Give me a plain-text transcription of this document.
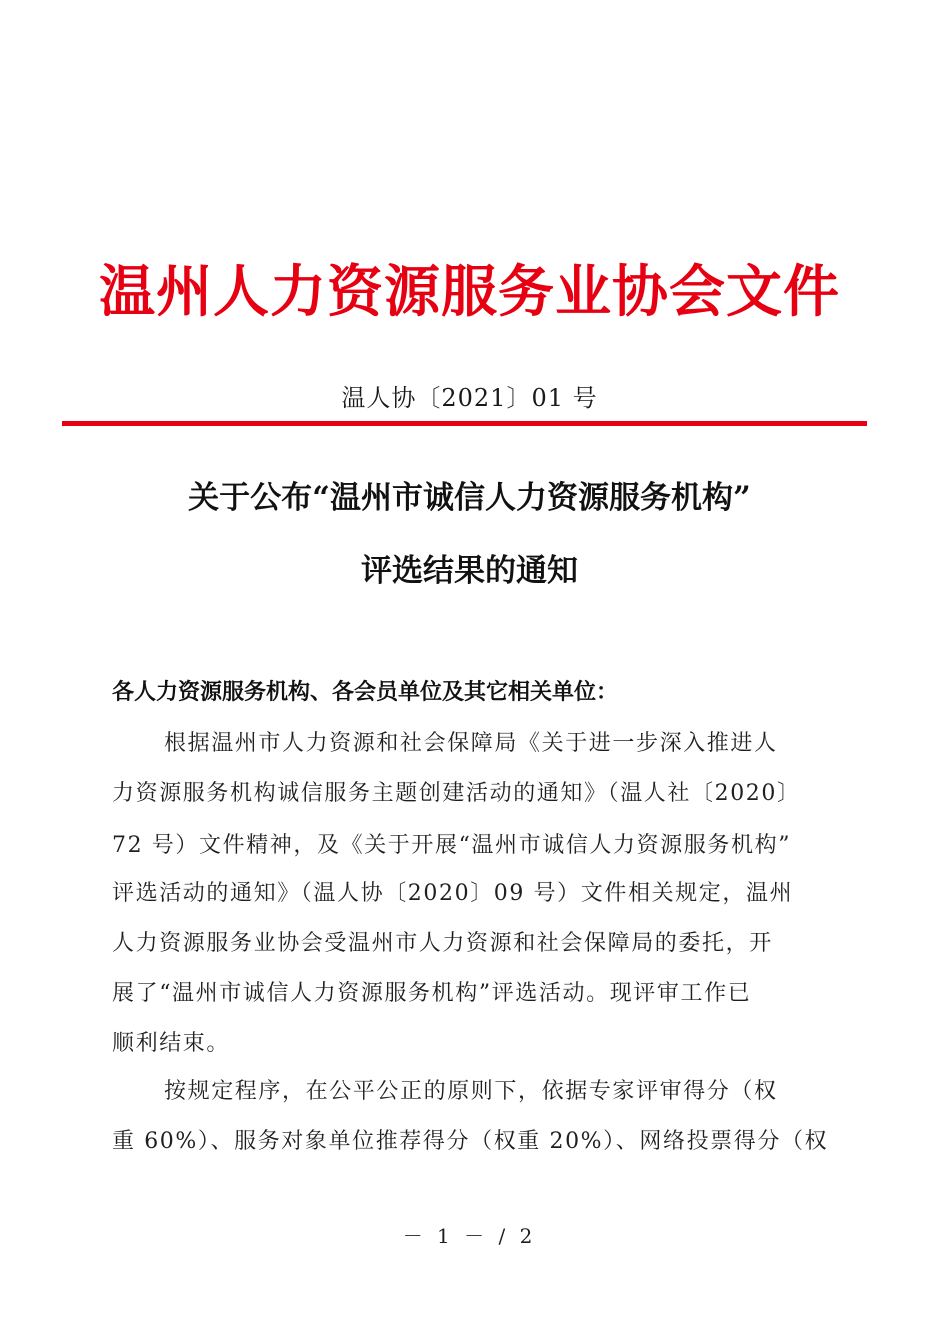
温州人力资源服务业协会文件
温人协〔2021〕01 号
关于公布“温州市诚信人力资源服务机构”
评选结果的通知
各人力资源服务机构、各会员单位及其它相关单位：
根据温州市人力资源和社会保障局《关于进一步深入推进人
力资源服务机构诚信服务主题创建活动的通知》（温人社〔2020〕
72 号）文件精神，及《关于开展“温州市诚信人力资源服务机构”
评选活动的通知》（温人协〔2020〕09 号）文件相关规定，温州
人力资源服务业协会受温州市人力资源和社会保障局的委托，开
展了“温州市诚信人力资源服务机构”评选活动。现评审工作已
顺利结束。
按规定程序，在公平公正的原则下，依据专家评审得分（权
重 60%）、服务对象单位推荐得分（权重 20%）、网络投票得分（权
－ 1 － / 2
